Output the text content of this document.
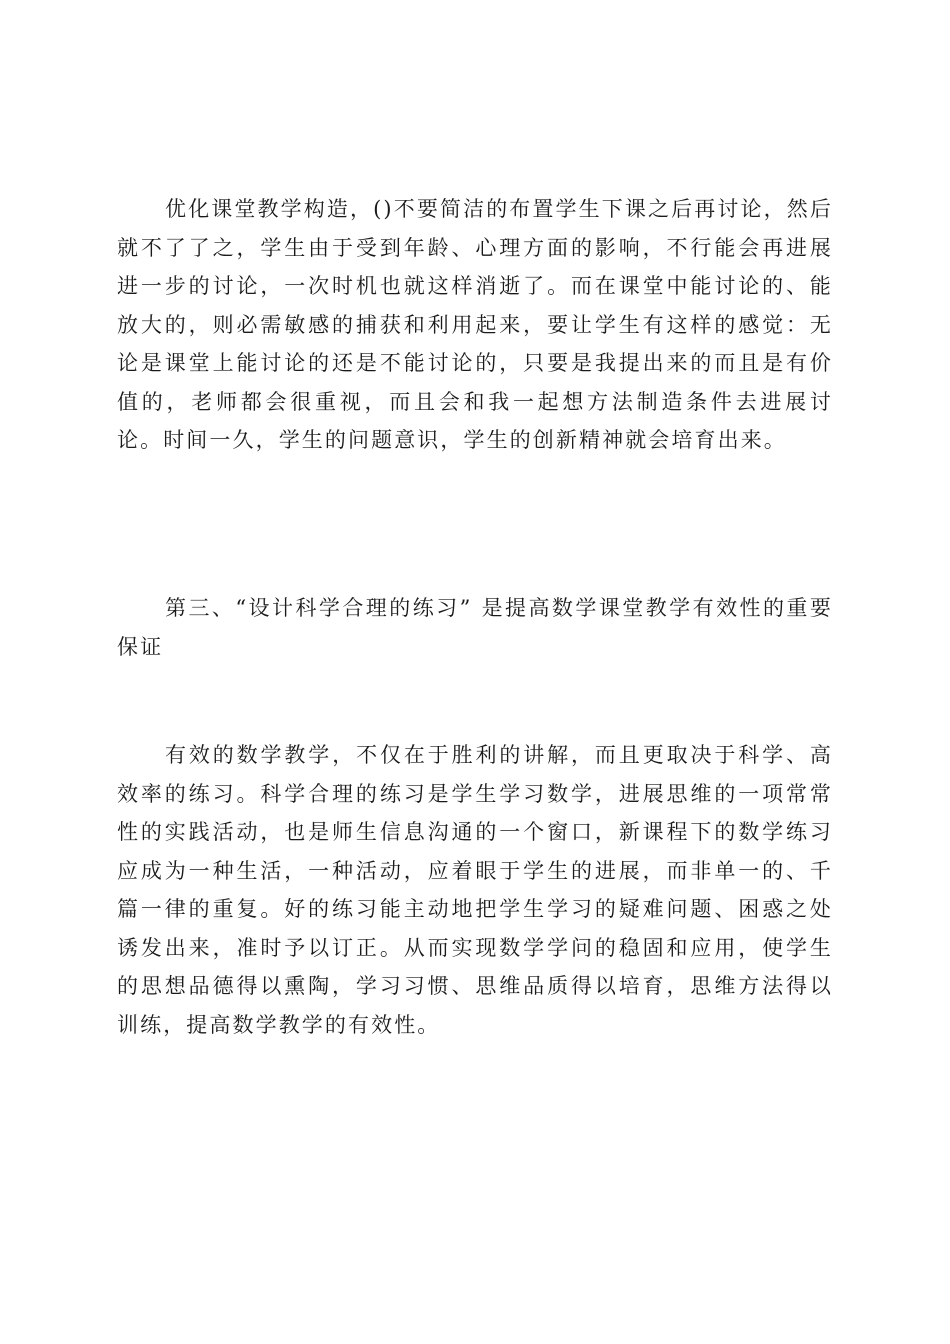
优化课堂教学构造，()不要简洁的布置学生下课之后再讨论，然后就不了了之，学生由于受到年龄、心理方面的影响，不行能会再进展进一步的讨论，一次时机也就这样消逝了。而在课堂中能讨论的、能放大的，则必需敏感的捕获和利用起来，要让学生有这样的感觉：无论是课堂上能讨论的还是不能讨论的，只要是我提出来的而且是有价值的，老师都会很重视，而且会和我一起想方法制造条件去进展讨论。时间一久，学生的问题意识，学生的创新精神就会培育出来。

第三、“设计科学合理的练习” 是提高数学课堂教学有效性的重要保证

有效的数学教学，不仅在于胜利的讲解，而且更取决于科学、高效率的练习。科学合理的练习是学生学习数学，进展思维的一项常常性的实践活动，也是师生信息沟通的一个窗口，新课程下的数学练习应成为一种生活，一种活动，应着眼于学生的进展，而非单一的、千篇一律的重复。好的练习能主动地把学生学习的疑难问题、困惑之处诱发出来，准时予以订正。从而实现数学学问的稳固和应用，使学生的思想品德得以熏陶，学习习惯、思维品质得以培育，思维方法得以训练，提高数学教学的有效性。
